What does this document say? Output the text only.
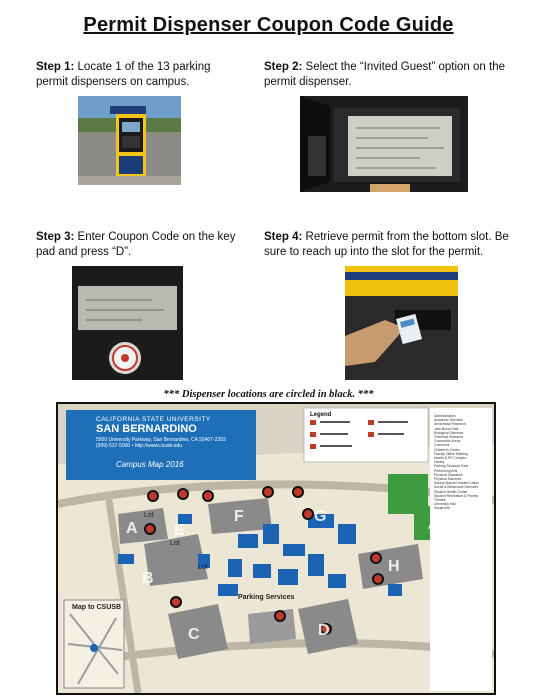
Permit Dispenser Coupon Code Guide
Step 1: Locate 1 of the 13 parking permit dispensers on campus.
Step 2: Select the “Invited Guest” option on the permit dispenser.
Step 3: Enter Coupon Code on the key pad and press “D”.
Step 4: Retrieve permit from the bottom slot. Be sure to reach up into the slot for the permit.
*** Dispenser locations are circled in black. ***
CALIFORNIA STATE UNIVERSITY
SAN BERNARDINO
5500 University Parkway, San Bernardino, CA 92407-2393
(909) 537-5000 • http://www.csusb.edu
Campus Map 2016
Legend	Administration
Academic Services
Arrowhead Research
Jack Brown Hall
Biological Sciences
Chemical Sciences
Coussoulis Arena
Commons
Children's Center
Faculty Office Building
Health & PE Complex
Library
Parking Structure East
Performing Arts
Physical Education
Physical Sciences
Santos Manuel Student Union
Social & Behavioral Sciences
Student Health Center
Student Recreation & Fitness
Theatre
University Hall
Visual Arts
Athletic Fields
Parking Services
Map to CSUSB
A
B
C	D
E
F	G
H
Lot
Lot
Lot
